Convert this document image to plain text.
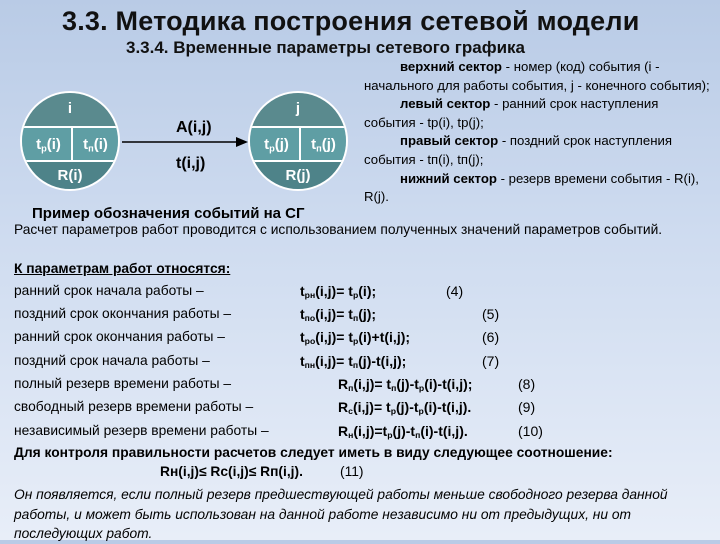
3.3. Методика построения сетевой модели
3.3.4. Временные параметры сетевого графика
i
$t_p(i)$	$t_п(i)$
R(i)
j
$t_p(j)$	$t_п(j)$
R(j)
A(i,j)
t(i,j)
Пример обозначения событий на СГ

верхний сектор - номер (код) события (i - начального для работы события, j - конечного события);

левый сектор - ранний срок наступления события - tp(i), tp(j);

правый сектор - поздний срок наступления события - tп(i), tп(j);

нижний сектор - резерв времени события - R(i), R(j).

Расчет параметров работ проводится с использованием полученных значений параметров событий.
К параметрам работ относятся:
ранний срок начала работы –	$t_{рн}(i,j)= t_р(i)$;	(4)
поздний срок окончания работы –	$t_{по}(i,j)= t_п(j)$;	(5)
ранний срок окончания работы –	$t_{ро}(i,j)= t_р(i)+t(i,j)$;	(6)
поздний срок начала работы –	$t_{пн}(i,j)= t_п(j)-t(i,j)$;	(7)
полный резерв времени работы –	$R_п(i,j)= t_п(j)-t_р(i)-t(i,j)$;	(8)
свободный резерв времени работы –	$R_с(i,j)= t_р(j)-t_р(i)-t(i,j)$.	(9)
независимый резерв времени работы –	$R_н(i,j)=t_р(j)-t_п(i)-t(i,j)$.	(10)
Для контроля правильности расчетов следует иметь в виду следующее соотношение:
Rн(i,j)≤ Rс(i,j)≤ Rп(i,j).	(11)
Он появляется, если полный резерв предшествующей работы меньше свободного резерва данной работы, и может быть использован на данной работе независимо ни от предыдущих, ни от последующих работ.
